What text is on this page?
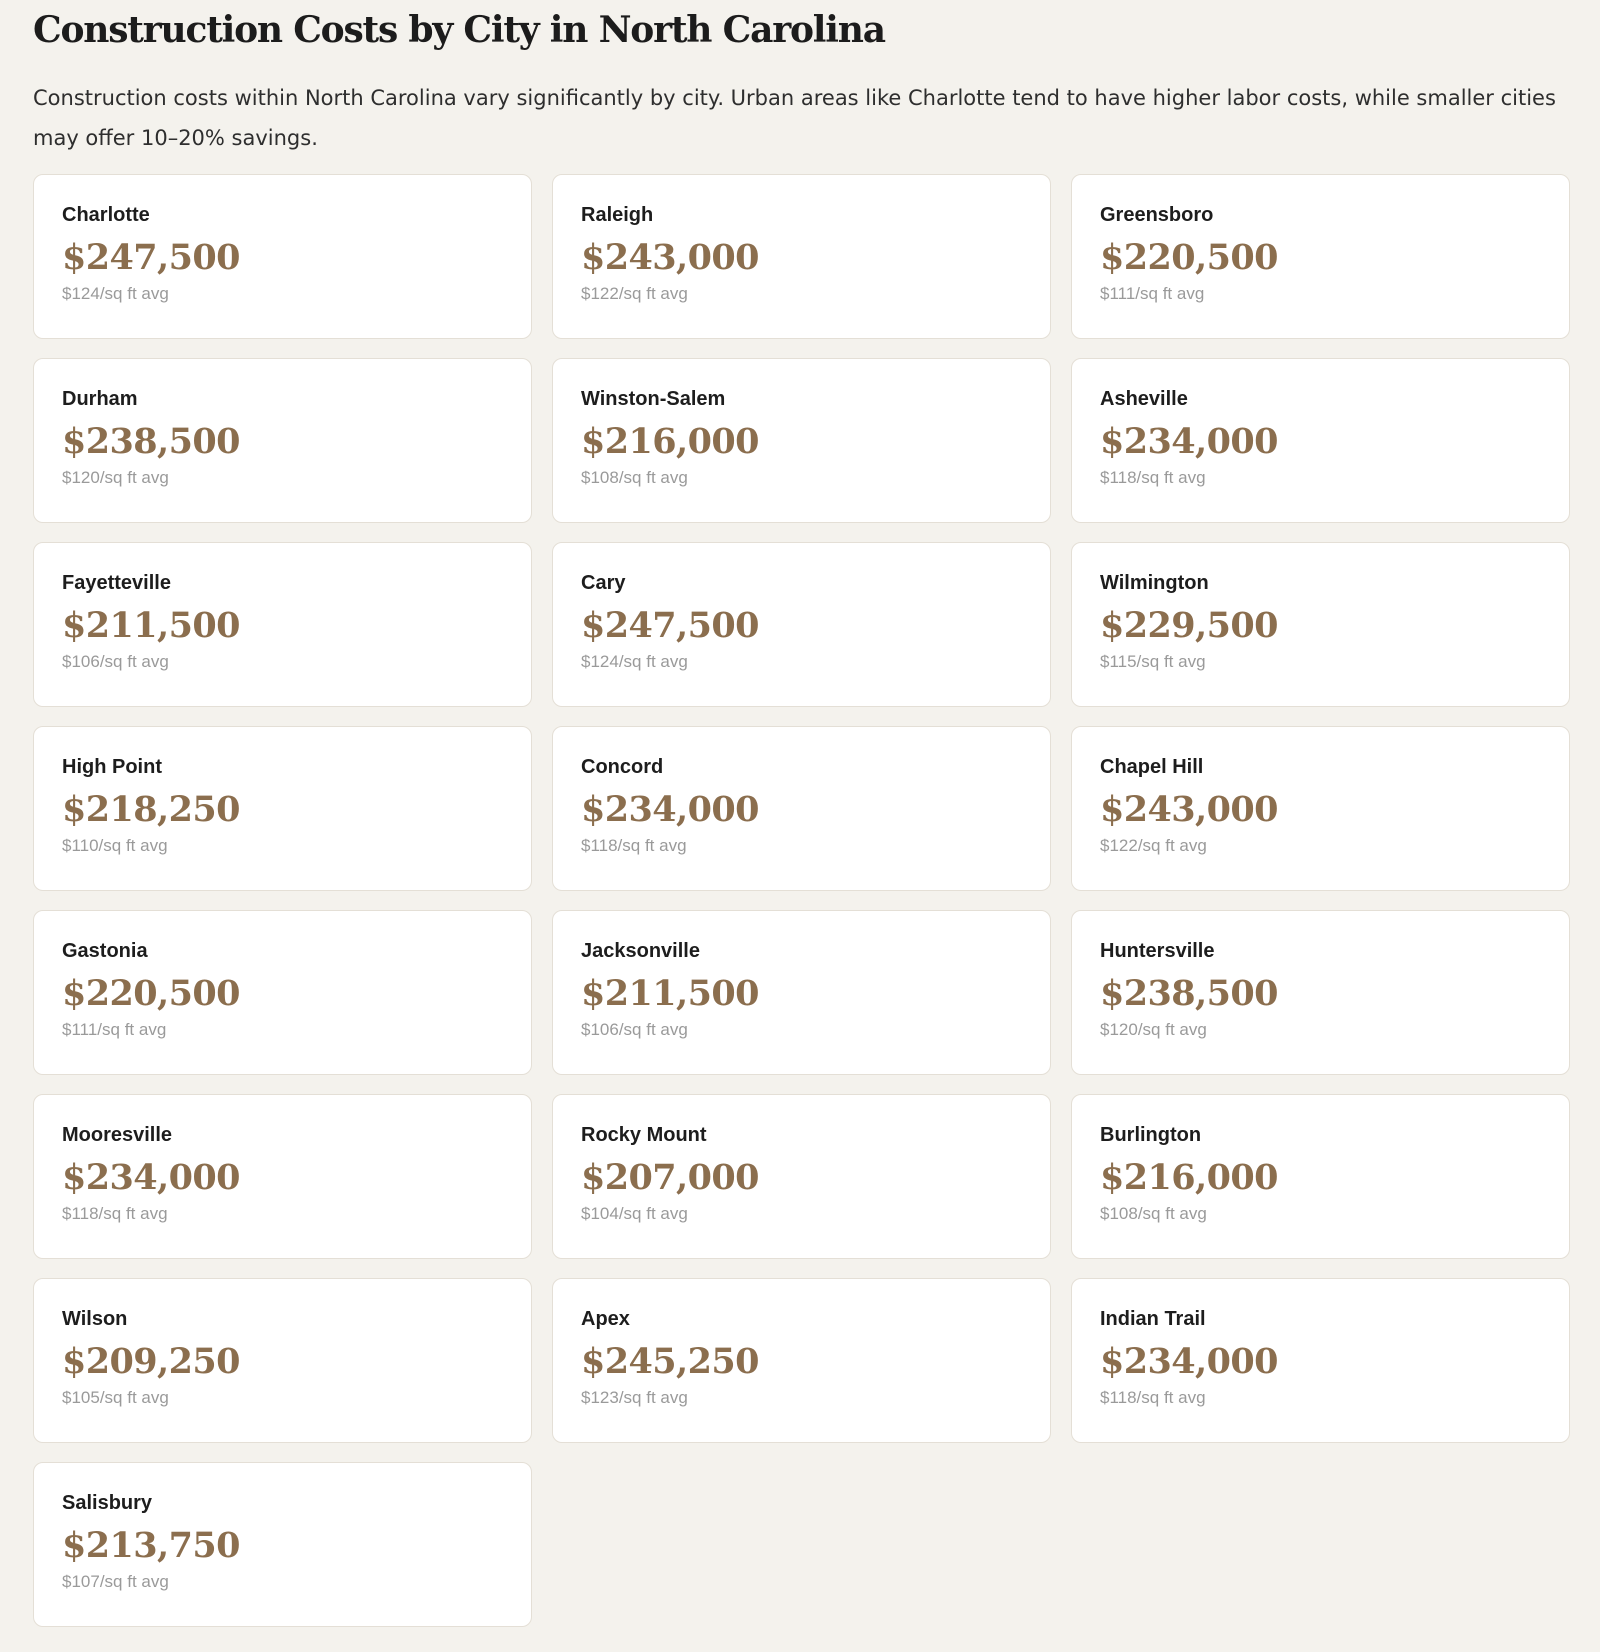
Construction Costs by City in North Carolina

Construction costs within North Carolina vary significantly by city. Urban areas like Charlotte tend to have higher labor costs, while smaller cities may offer 10–20% savings.

Charlotte
$247,500
$124/sq ft avg
Raleigh
$243,000
$122/sq ft avg
Greensboro
$220,500
$111/sq ft avg
Durham
$238,500
$120/sq ft avg
Winston-Salem
$216,000
$108/sq ft avg
Asheville
$234,000
$118/sq ft avg
Fayetteville
$211,500
$106/sq ft avg
Cary
$247,500
$124/sq ft avg
Wilmington
$229,500
$115/sq ft avg
High Point
$218,250
$110/sq ft avg
Concord
$234,000
$118/sq ft avg
Chapel Hill
$243,000
$122/sq ft avg
Gastonia
$220,500
$111/sq ft avg
Jacksonville
$211,500
$106/sq ft avg
Huntersville
$238,500
$120/sq ft avg
Mooresville
$234,000
$118/sq ft avg
Rocky Mount
$207,000
$104/sq ft avg
Burlington
$216,000
$108/sq ft avg
Wilson
$209,250
$105/sq ft avg
Apex
$245,250
$123/sq ft avg
Indian Trail
$234,000
$118/sq ft avg
Salisbury
$213,750
$107/sq ft avg
